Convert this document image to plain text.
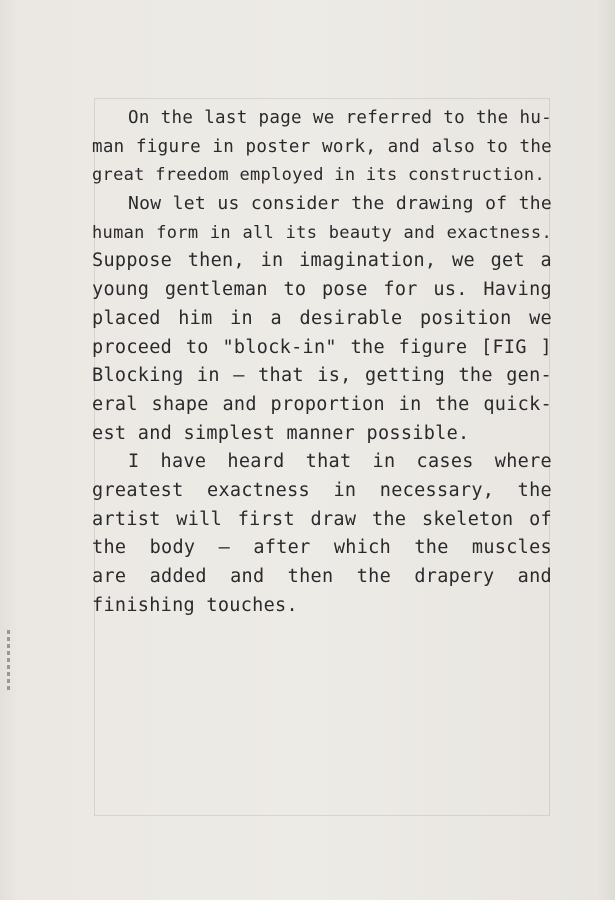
On the last page we referred to the hu-
man figure in poster work, and also to the
great freedom employed in its construction.
Now let us consider the drawing of the
human form in all its beauty and exactness.
Suppose then, in imagination, we get a
young gentleman to pose for us. Having
placed him in a desirable position we
proceed to "block-in" the figure [FIG ]
Blocking in — that is, getting the gen-
eral shape and proportion in the quick-
est and simplest manner possible.
I have heard that in cases where
greatest exactness in necessary, the
artist will first draw the skeleton of
the body — after which the muscles
are added and then the drapery and
finishing touches.
